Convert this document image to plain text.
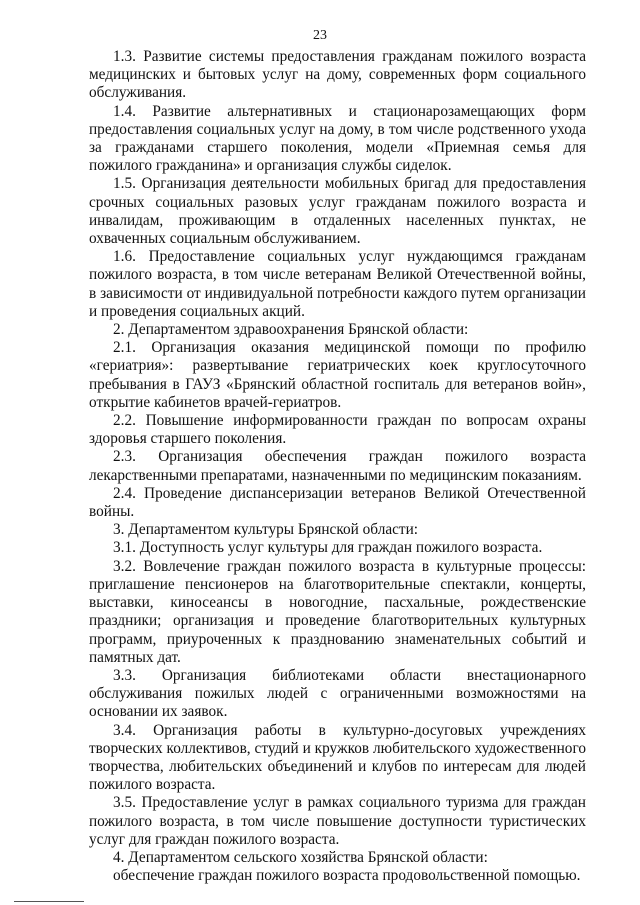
23

1.3. Развитие системы предоставления гражданам пожилого возраста медицинских и бытовых услуг на дому, современных форм социального обслуживания.

1.4. Развитие альтернативных и стационарозамещающих форм предоставления социальных услуг на дому, в том числе родственного ухода за гражданами старшего поколения, модели «Приемная семья для пожилого гражданина» и организация службы сиделок.

1.5. Организация деятельности мобильных бригад для предоставления срочных социальных разовых услуг гражданам пожилого возраста и инвалидам, проживающим в отдаленных населенных пунктах, не охваченных социальным обслуживанием.

1.6. Предоставление социальных услуг нуждающимся гражданам пожилого возраста, в том числе ветеранам Великой Отечественной войны, в зависимости от индивидуальной потребности каждого путем организации и проведения социальных акций.

2. Департаментом здравоохранения Брянской области:

2.1. Организация оказания медицинской помощи по профилю «гериатрия»: развертывание гериатрических коек круглосуточного пребывания в ГАУЗ «Брянский областной госпиталь для ветеранов войн», открытие кабинетов врачей-гериатров.

2.2. Повышение информированности граждан по вопросам охраны здоровья старшего поколения.

2.3. Организация обеспечения граждан пожилого возраста лекарственными препаратами, назначенными по медицинским показаниям.

2.4. Проведение диспансеризации ветеранов Великой Отечественной войны.

3. Департаментом культуры Брянской области:

3.1. Доступность услуг культуры для граждан пожилого возраста.

3.2. Вовлечение граждан пожилого возраста в культурные процессы: приглашение пенсионеров на благотворительные спектакли, концерты, выставки, киносеансы в новогодние, пасхальные, рождественские праздники; организация и проведение благотворительных культурных программ, приуроченных к празднованию знаменательных событий и памятных дат.

3.3. Организация библиотеками области внестационарного обслуживания пожилых людей с ограниченными возможностями на основании их заявок.

3.4. Организация работы в культурно-досуговых учреждениях творческих коллективов, студий и кружков любительского художественного творчества, любительских объединений и клубов по интересам для людей пожилого возраста.

3.5. Предоставление услуг в рамках социального туризма для граждан пожилого возраста, в том числе повышение доступности туристических услуг для граждан пожилого возраста.

4. Департаментом сельского хозяйства Брянской области:

обеспечение граждан пожилого возраста продовольственной помощью.
